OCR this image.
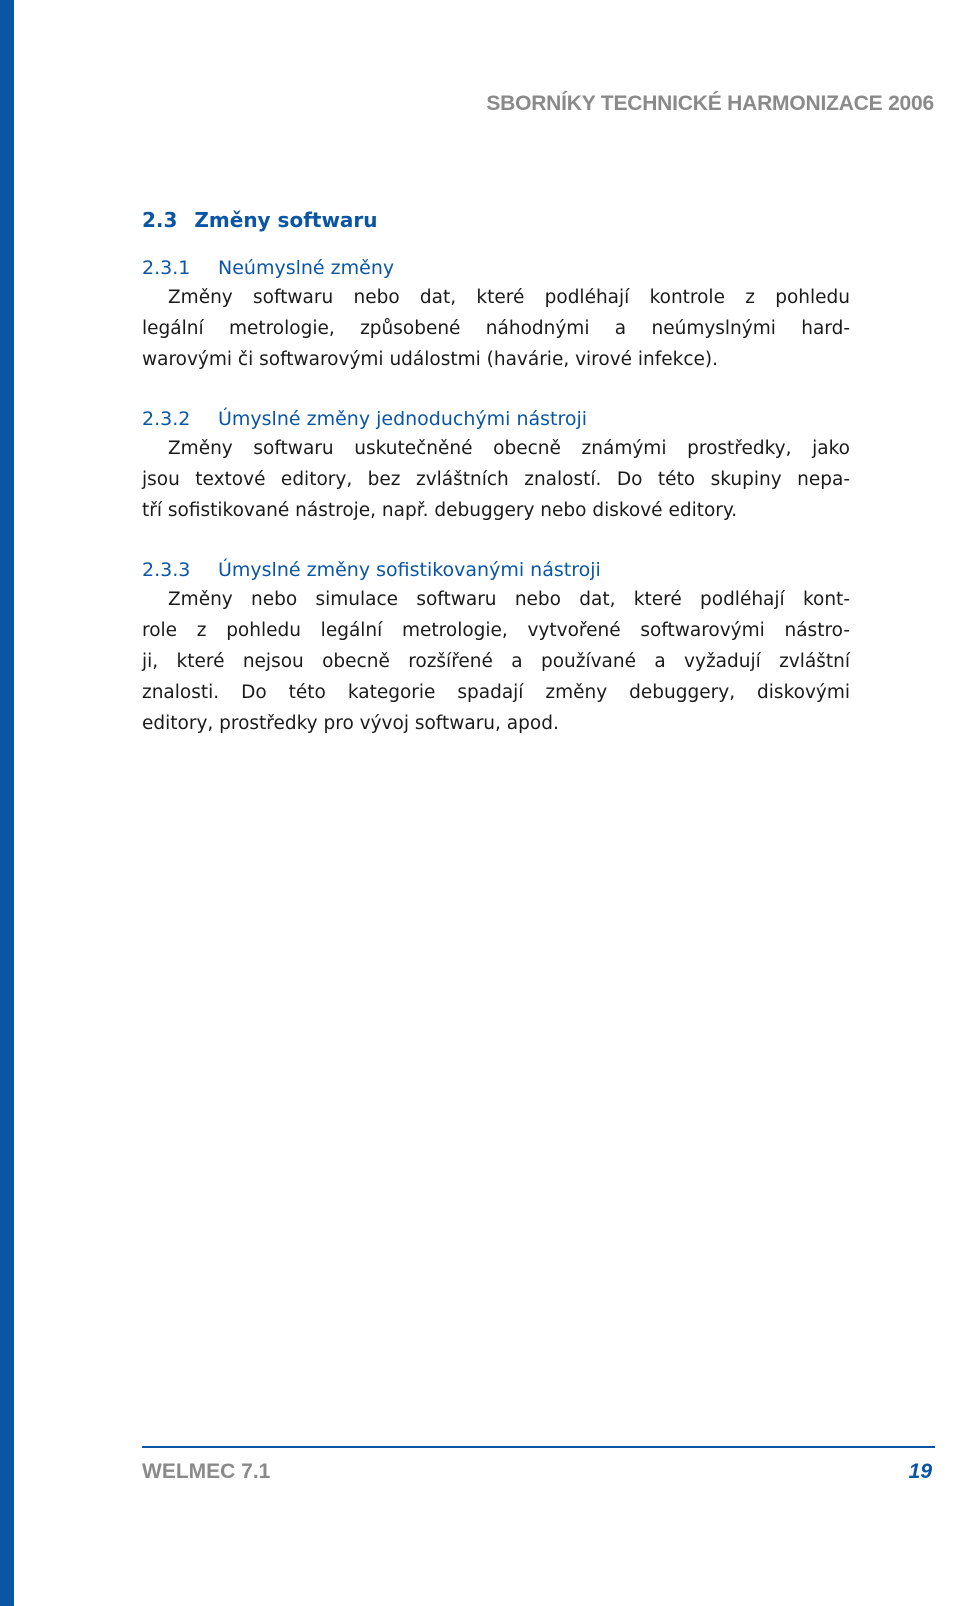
SBORNÍKY TECHNICKÉ HARMONIZACE 2006
2.3 Změny softwaru
2.3.1 Neúmyslné změny
Změny softwaru nebo dat, které podléhají kontrole z pohledu
legální metrologie, způsobené náhodnými a neúmyslnými hard-
warovými či softwarovými událostmi (havárie, virové infekce).
2.3.2 Úmyslné změny jednoduchými nástroji
Změny softwaru uskutečněné obecně známými prostředky, jako
jsou textové editory, bez zvláštních znalostí. Do této skupiny nepa-
tří sofistikované nástroje, např. debuggery nebo diskové editory.
2.3.3 Úmyslné změny sofistikovanými nástroji
Změny nebo simulace softwaru nebo dat, které podléhají kont-
role z pohledu legální metrologie, vytvořené softwarovými nástro-
ji, které nejsou obecně rozšířené a používané a vyžadují zvláštní
znalosti. Do této kategorie spadají změny debuggery, diskovými
editory, prostředky pro vývoj softwaru, apod.
WELMEC 7.1	19
